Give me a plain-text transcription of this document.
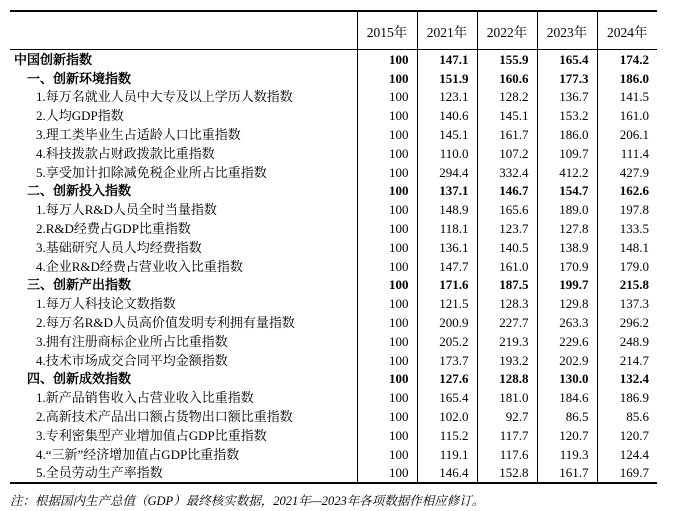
	2015年	2021年	2022年	2023年	2024年
中国创新指数	100	147.1	155.9	165.4	174.2
一、创新环境指数	100	151.9	160.6	177.3	186.0
1.每万名就业人员中大专及以上学历人数指数	100	123.1	128.2	136.7	141.5
2.人均GDP指数	100	140.6	145.1	153.2	161.0
3.理工类毕业生占适龄人口比重指数	100	145.1	161.7	186.0	206.1
4.科技拨款占财政拨款比重指数	100	110.0	107.2	109.7	111.4
5.享受加计扣除减免税企业所占比重指数	100	294.4	332.4	412.2	427.9
二、创新投入指数	100	137.1	146.7	154.7	162.6
1.每万人R&D人员全时当量指数	100	148.9	165.6	189.0	197.8
2.R&D经费占GDP比重指数	100	118.1	123.7	127.8	133.5
3.基础研究人员人均经费指数	100	136.1	140.5	138.9	148.1
4.企业R&D经费占营业收入比重指数	100	147.7	161.0	170.9	179.0
三、创新产出指数	100	171.6	187.5	199.7	215.8
1.每万人科技论文数指数	100	121.5	128.3	129.8	137.3
2.每万名R&D人员高价值发明专利拥有量指数	100	200.9	227.7	263.3	296.2
3.拥有注册商标企业所占比重指数	100	205.2	219.3	229.6	248.9
4.技术市场成交合同平均金额指数	100	173.7	193.2	202.9	214.7
四、创新成效指数	100	127.6	128.8	130.0	132.4
1.新产品销售收入占营业收入比重指数	100	165.4	181.0	184.6	186.9
2.高新技术产品出口额占货物出口额比重指数	100	102.0	92.7	86.5	85.6
3.专利密集型产业增加值占GDP比重指数	100	115.2	117.7	120.7	120.7
4.“三新”经济增加值占GDP比重指数	100	119.1	117.6	119.3	124.4
5.全员劳动生产率指数	100	146.4	152.8	161.7	169.7
注：根据国内生产总值（GDP）最终核实数据，2021年—2023年各项数据作相应修订。
